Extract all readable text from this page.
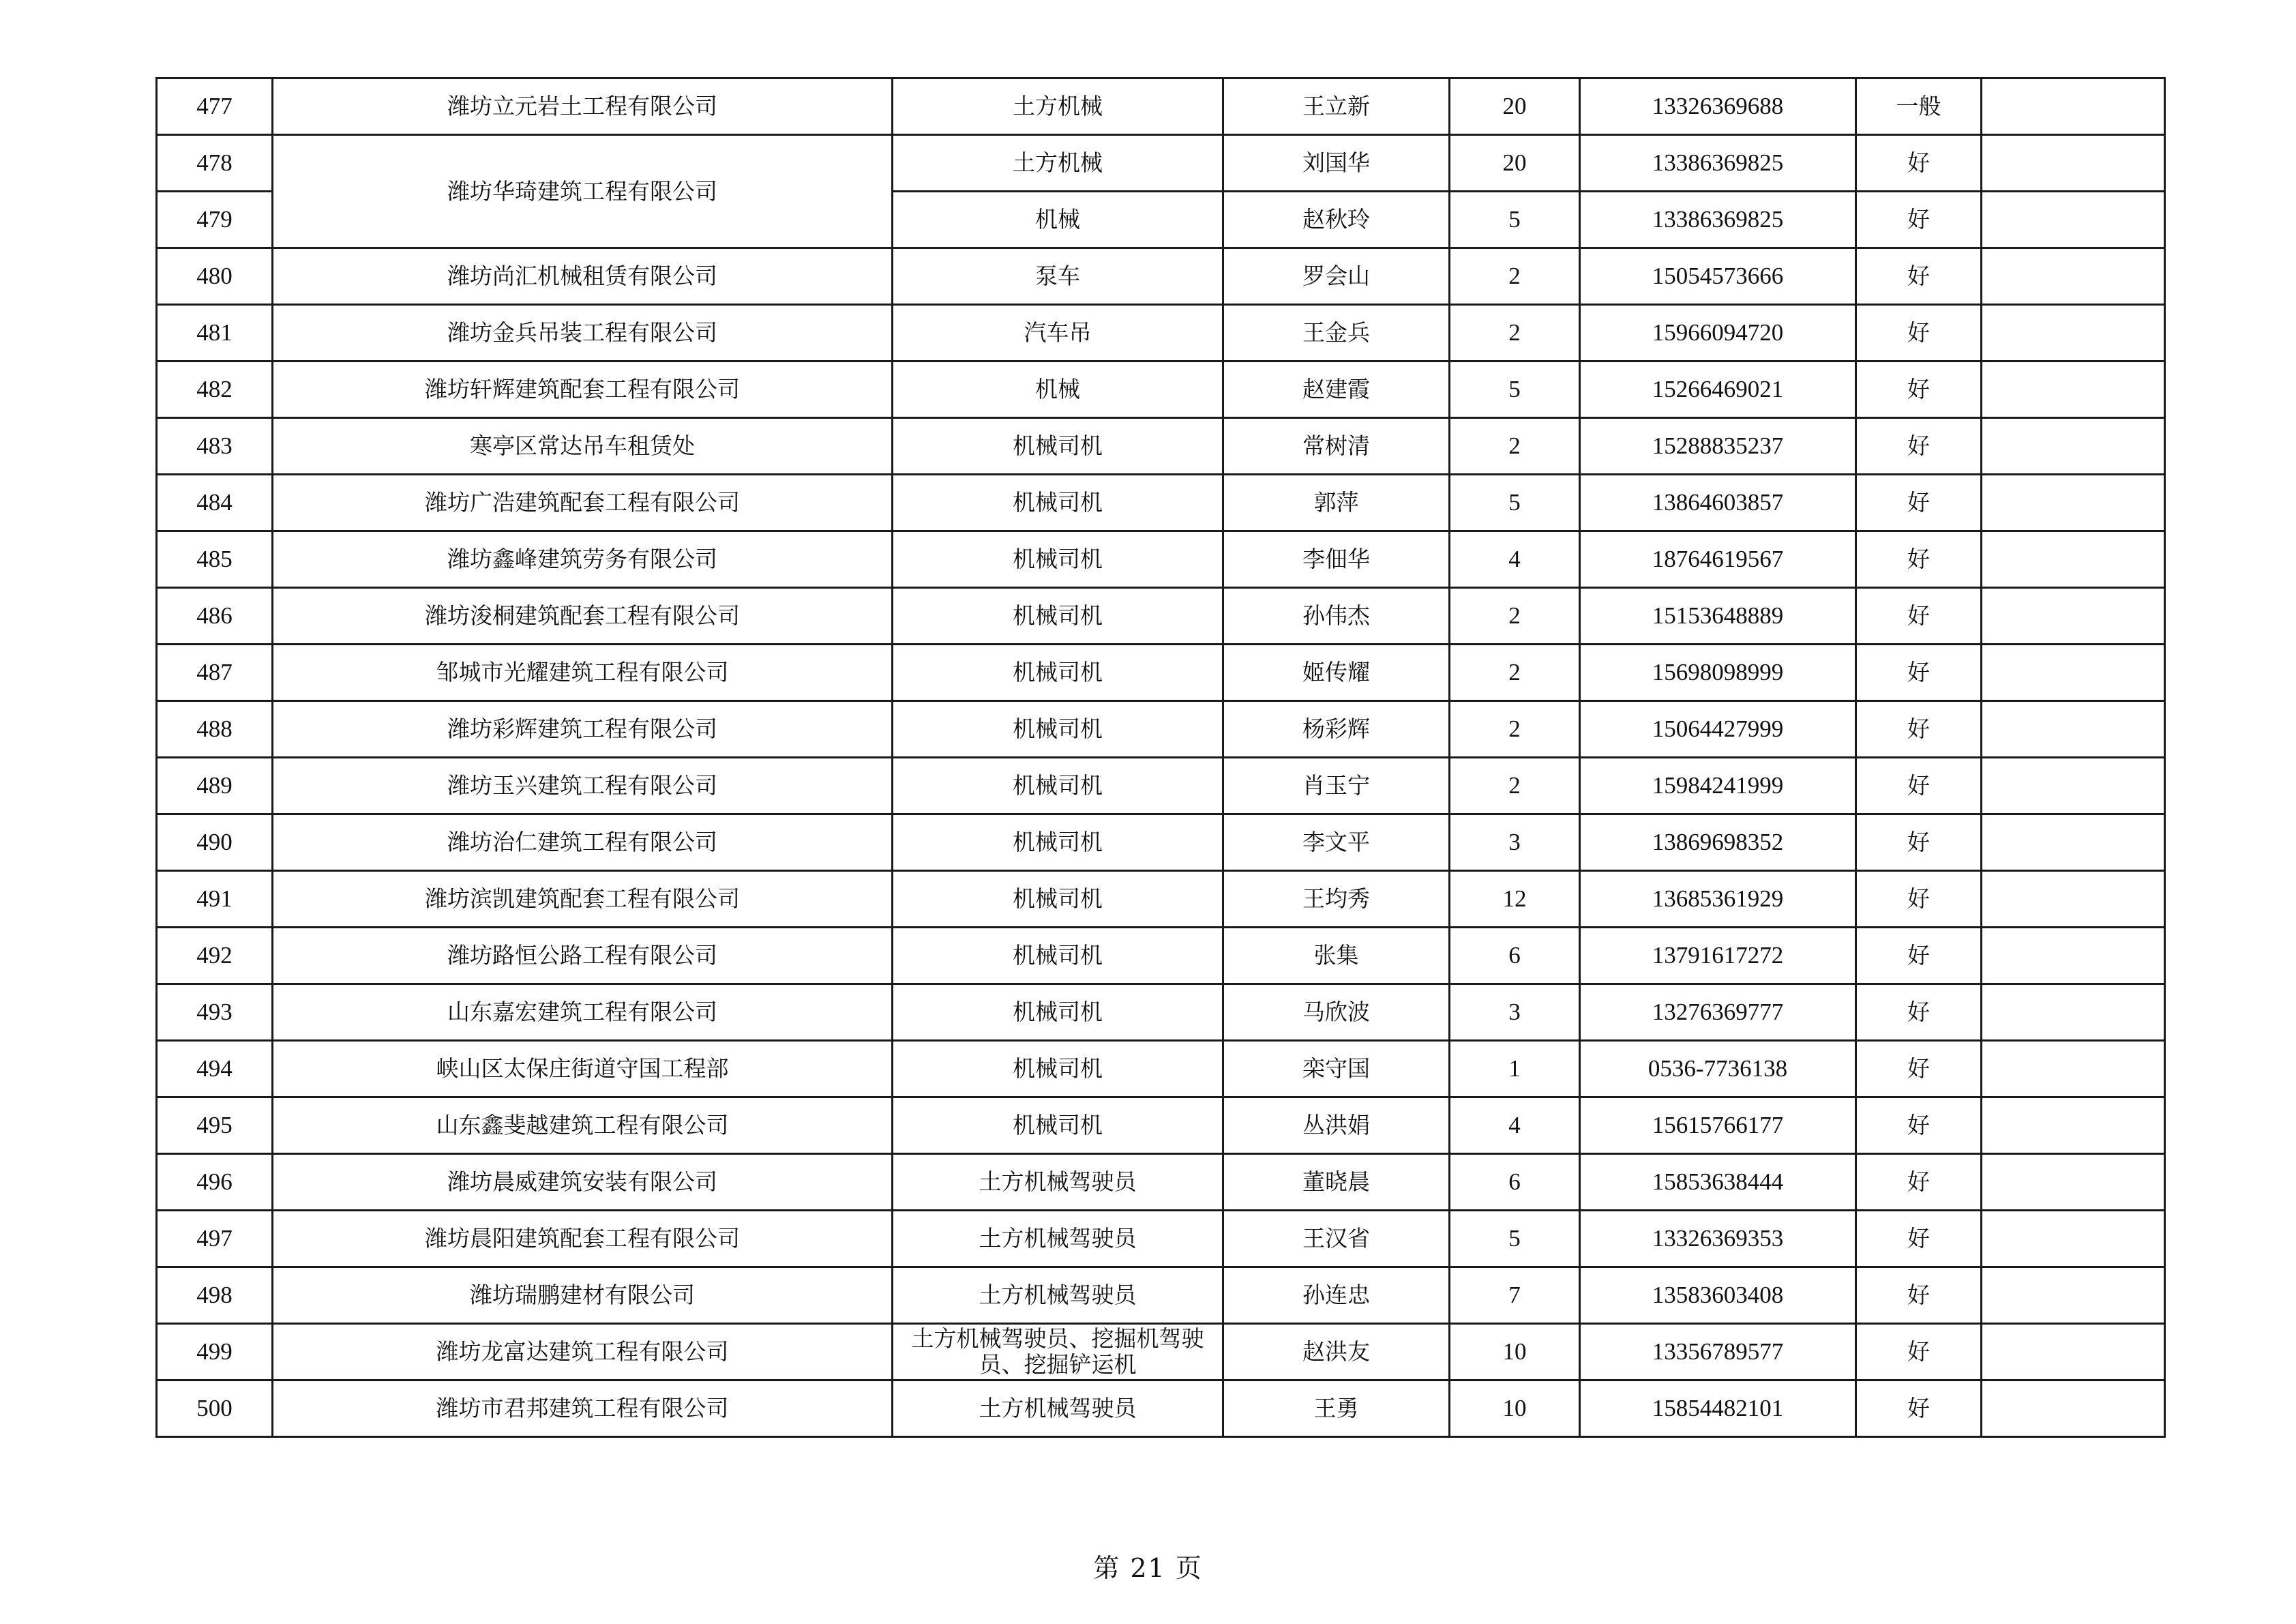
477	潍坊立元岩土工程有限公司	土方机械	王立新	20	13326369688	一般	
478	潍坊华琦建筑工程有限公司	土方机械	刘国华	20	13386369825	好	
479		机械	赵秋玲	5	13386369825	好	
480	潍坊尚汇机械租赁有限公司	泵车	罗会山	2	15054573666	好	
481	潍坊金兵吊装工程有限公司	汽车吊	王金兵	2	15966094720	好	
482	潍坊轩辉建筑配套工程有限公司	机械	赵建霞	5	15266469021	好	
483	寒亭区常达吊车租赁处	机械司机	常树清	2	15288835237	好	
484	潍坊广浩建筑配套工程有限公司	机械司机	郭萍	5	13864603857	好	
485	潍坊鑫峰建筑劳务有限公司	机械司机	李佃华	4	18764619567	好	
486	潍坊浚桐建筑配套工程有限公司	机械司机	孙伟杰	2	15153648889	好	
487	邹城市光耀建筑工程有限公司	机械司机	姬传耀	2	15698098999	好	
488	潍坊彩辉建筑工程有限公司	机械司机	杨彩辉	2	15064427999	好	
489	潍坊玉兴建筑工程有限公司	机械司机	肖玉宁	2	15984241999	好	
490	潍坊治仁建筑工程有限公司	机械司机	李文平	3	13869698352	好	
491	潍坊滨凯建筑配套工程有限公司	机械司机	王均秀	12	13685361929	好	
492	潍坊路恒公路工程有限公司	机械司机	张集	6	13791617272	好	
493	山东嘉宏建筑工程有限公司	机械司机	马欣波	3	13276369777	好	
494	峡山区太保庄街道守国工程部	机械司机	栾守国	1	0536-7736138	好	
495	山东鑫斐越建筑工程有限公司	机械司机	丛洪娟	4	15615766177	好	
496	潍坊晨威建筑安装有限公司	土方机械驾驶员	董晓晨	6	15853638444	好	
497	潍坊晨阳建筑配套工程有限公司	土方机械驾驶员	王汉省	5	13326369353	好	
498	潍坊瑞鹏建材有限公司	土方机械驾驶员	孙连忠	7	13583603408	好	
499	潍坊龙富达建筑工程有限公司	土方机械驾驶员、挖掘机驾驶员、挖掘铲运机	赵洪友	10	13356789577	好	
500	潍坊市君邦建筑工程有限公司	土方机械驾驶员	王勇	10	15854482101	好	
第 21 页
